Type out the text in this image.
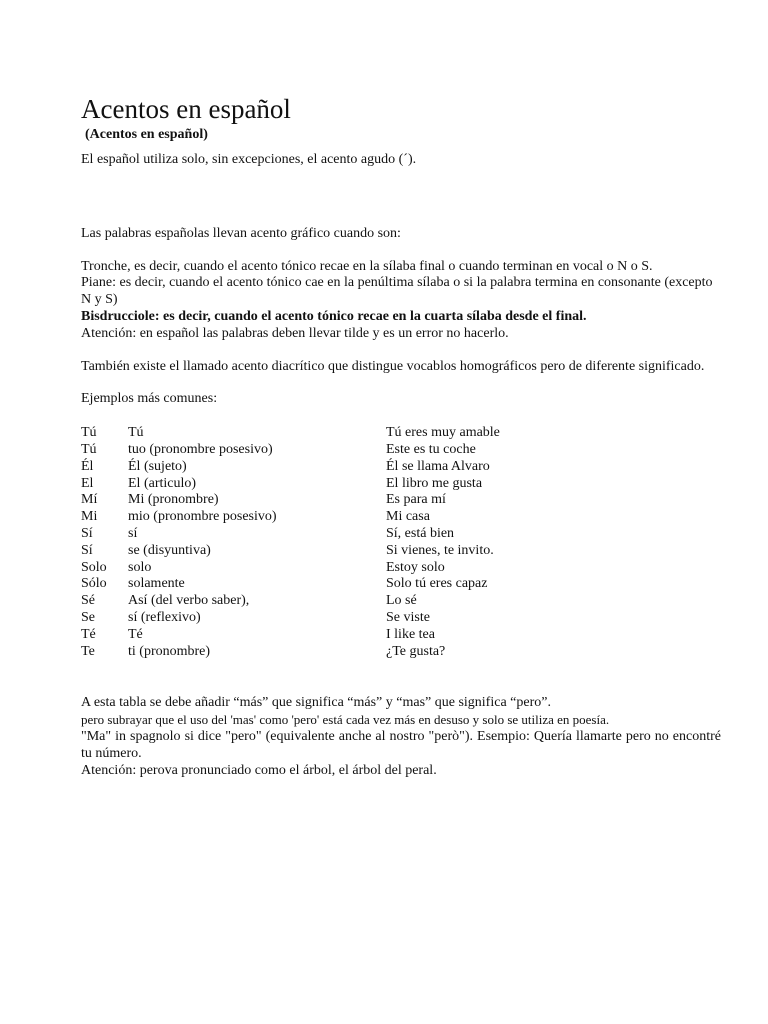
Acentos en español
(Acentos en español)

El español utiliza solo, sin excepciones, el acento agudo (´).

Las palabras españolas llevan acento gráfico cuando son:

Tronche, es decir, cuando el acento tónico recae en la sílaba final o cuando terminan en vocal o N o S.

Piane: es decir, cuando el acento tónico cae en la penúltima sílaba o si la palabra termina en consonante (excepto N y S)

Bisdrucciole: es decir, cuando el acento tónico recae en la cuarta sílaba desde el final.

Atención: en español las palabras deben llevar tilde y es un error no hacerlo.

También existe el llamado acento diacrítico que distingue vocablos homográficos pero de diferente significado.

Ejemplos más comunes:

Tú	Tú	Tú eres muy amable
Tú	tuo (pronombre posesivo)	Este es tu coche
Él	Él (sujeto)	Él se llama Alvaro
El	El (articulo)	El libro me gusta
Mí	Mi (pronombre)	Es para mí
Mi	mio (pronombre posesivo)	Mi casa
Sí	sí	Sí, está bien
Sí	se (disyuntiva)	Si vienes, te invito.
Solo	solo	Estoy solo
Sólo	solamente	Solo tú eres capaz
Sé	Así (del verbo saber),	Lo sé
Se	sí (reflexivo)	Se viste
Té	Té	I like tea
Te	ti (pronombre)	¿Te gusta?

A esta tabla se debe añadir “más” que significa “más” y “mas” que significa “pero”.

pero subrayar que el uso del 'mas' como 'pero' está cada vez más en desuso y solo se utiliza en poesía.

"Ma" in spagnolo si dice "pero" (equivalente anche al nostro "però"). Esempio: Quería llamarte pero no encontré tu número.

Atención: perova pronunciado como el árbol, el árbol del peral.
